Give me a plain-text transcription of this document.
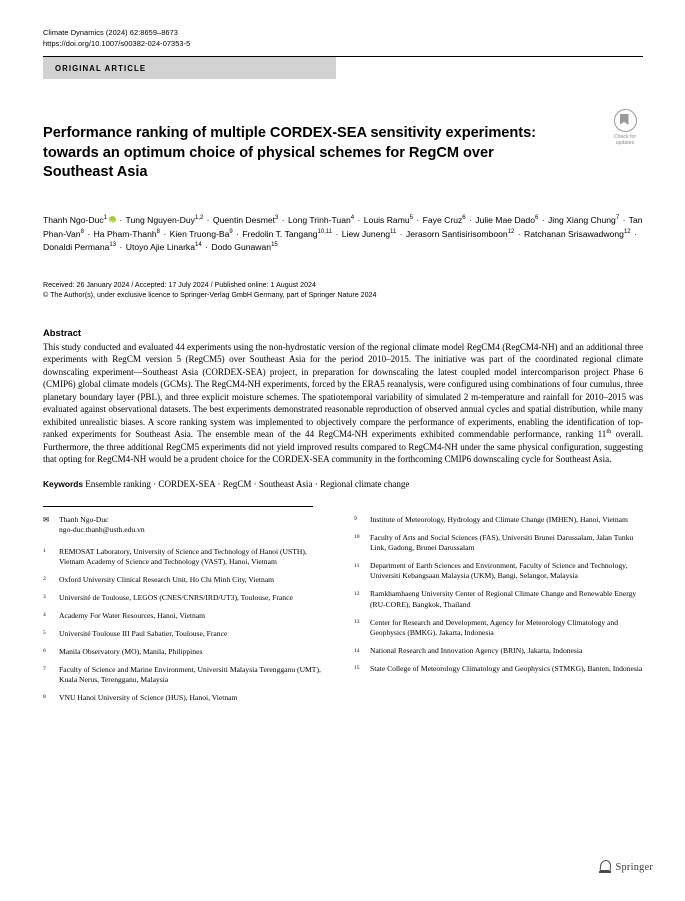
Climate Dynamics (2024) 62:8659–8673
https://doi.org/10.1007/s00382-024-07353-5
ORIGINAL ARTICLE
Check for
updates
Performance ranking of multiple CORDEX‑SEA sensitivity experiments: towards an optimum choice of physical schemes for RegCM over Southeast Asia
Thanh Ngo-Duc$^1$ iD · Tung Nguyen-Duy$^{1,2}$ · Quentin Desmet$^3$ · Long Trinh-Tuan$^4$ · Louis Ramu$^5$ · Faye Cruz$^6$ · Julie Mae Dado$^6$ · Jing Xiang Chung$^7$ · Tan Phan-Van$^8$ · Ha Pham-Thanh$^8$ · Kien Truong-$Ba^9$ · Fredolin T. Tangang$^{10,11}$ · Liew Juneng$^{11}$ · Jerasorn Santisirisomboon$^{12}$ · Ratchanan Srisawadwong$^{12}$ · Donaldi Permana$^{13}$ · Utoyo Ajie Linarka$^{14}$ · Dodo Gunawan$^{15}$
Received: 26 January 2024 / Accepted: 17 July 2024 / Published online: 1 August 2024
© The Author(s), under exclusive licence to Springer-Verlag GmbH Germany, part of Springer Nature 2024
Abstract
This study conducted and evaluated 44 experiments using the non-hydrostatic version of the regional climate model RegCM4 (RegCM4-NH) and an additional three experiments with RegCM version 5 (RegCM5) over Southeast Asia for the period 2010–2015. The initiative was part of the coordinated regional climate downscaling experiment—Southeast Asia (CORDEX-SEA) project, in preparation for downscaling the latest coupled model intercomparison project Phase 6 (CMIP6) global climate models (GCMs). The RegCM4-NH experiments, forced by the ERA5 reanalysis, were configured using combinations of four cumulus, three planetary boundary layer (PBL), and three explicit moisture schemes. The spatiotemporal variability of simulated 2 m-temperature and rainfall for 2010–2015 was evaluated against observational datasets. The best experiments demonstrated reasonable reproduction of observed annual cycles and spatial distribution, while many exhibited unrealistic biases. A score ranking system was implemented to objectively compare the performance of experiments, enabling the identification of top-ranked experiments for Southeast Asia. The ensemble mean of the 44 RegCM4-NH experiments exhibited commendable performance, ranking 11th overall. Furthermore, the three additional RegCM5 experiments did not yield improved results compared to RegCM4-NH under the same physical configuration, suggesting that opting for RegCM4-NH would be a prudent choice for the CORDEX-SEA community in the forthcoming CMIP6 downscaling cycle for Southeast Asia.
Keywords Ensemble ranking · CORDEX-SEA · RegCM · Southeast Asia · Regional climate change
✉	Thanh Ngo-Duc
ngo-duc.thanh@usth.edu.vn
1	REMOSAT Laboratory, University of Science and Technology of Hanoi (USTH), Vietnam Academy of Science and Technology (VAST), Hanoi, Vietnam
2	Oxford University Clinical Research Unit, Ho Chi Minh City, Vietnam
3	Université de Toulouse, LEGOS (CNES/CNRS/IRD/UT3), Toulouse, France
4	Academy For Water Resources, Hanoi, Vietnam
5	Université Toulouse III Paul Sabatier, Toulouse, France
6	Manila Observatory (MO), Manila, Philippines
7	Faculty of Science and Marine Environment, Universiti Malaysia Terengganu (UMT), Kuala Nerus, Terengganu, Malaysia
8	VNU Hanoi University of Science (HUS), Hanoi, Vietnam
9	Institute of Meteorology, Hydrology and Climate Change (IMHEN), Hanoi, Vietnam
10	Faculty of Arts and Social Sciences (FAS), Universiti Brunei Darussalam, Jalan Tunku Link, Gadong, Brunei Darussalam
11	Department of Earth Sciences and Environment, Faculty of Science and Technology, Universiti Kebangsaan Malaysia (UKM), Bangi, Selangor, Malaysia
12	Ramkhamhaeng University Center of Regional Climate Change and Renewable Energy (RU-CORE), Bangkok, Thailand
13	Center for Research and Development, Agency for Meteorology Climatology and Geophysics (BMKG), Jakarta, Indonesia
14	National Research and Innovation Agency (BRIN), Jakarta, Indonesia
15	State College of Meteorology Climatology and Geophysics (STMKG), Banten, Indonesia
Springer
